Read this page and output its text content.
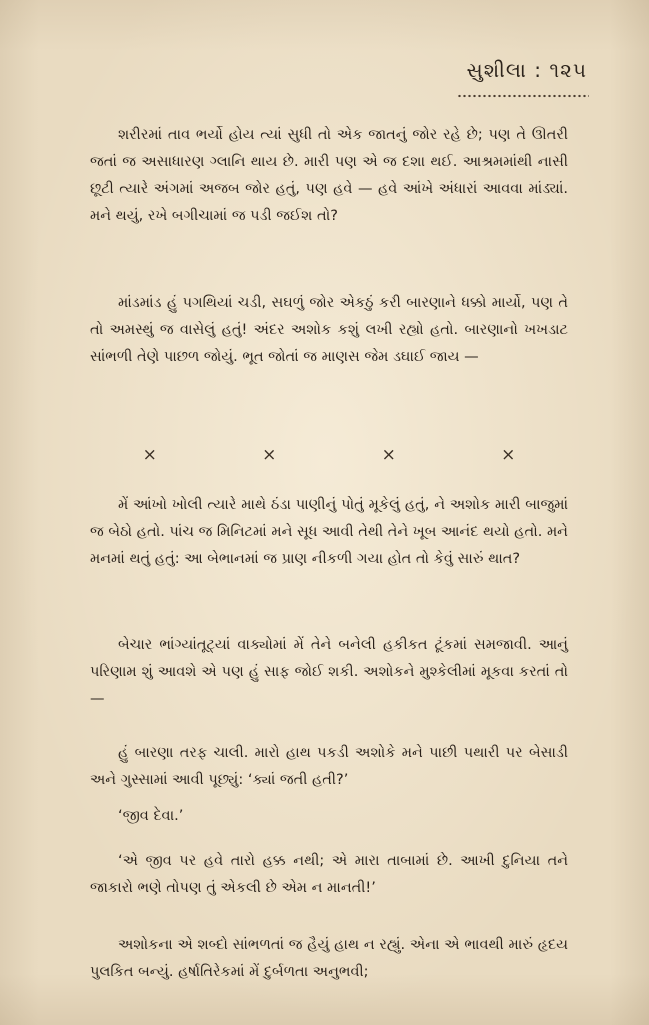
સુશીલા : ૧૨૫

શરીરમાં તાવ ભર્યો હોય ત્યાં સુધી તો એક જાતનું જોર રહે છે; પણ તે ઊતરી જતાં જ અસાધારણ ગ્લાનિ થાય છે. મારી પણ એ જ દશા થઈ. આશ્રમમાંથી નાસી છૂટી ત્યારે અંગમાં અજબ જોર હતું, પણ હવે — હવે આંખે અંધારાં આવવા માંડ્યાં. મને થયું, રખે બગીચામાં જ પડી જઈશ તો?

માંડમાંડ હું પગથિયાં ચડી, સઘળું જોર એકઠું કરી બારણાને ધક્કો માર્યો, પણ તે તો અમસ્થું જ વાસેલું હતું! અંદર અશોક કશું લખી રહ્યો હતો. બારણાનો ખખડાટ સાંભળી તેણે પાછળ જોયું. ભૂત જોતાં જ માણસ જેમ ડઘાઈ જાય —

×	×	×	×

મેં આંખો ખોલી ત્યારે માથે ઠંડા પાણીનું પોતું મૂકેલું હતું, ને અશોક મારી બાજુમાં જ બેઠો હતો. પાંચ જ મિનિટમાં મને સૂધ આવી તેથી તેને ખૂબ આનંદ થયો હતો. મને મનમાં થતું હતું: આ બેભાનમાં જ પ્રાણ નીકળી ગયા હોત તો કેવું સારું થાત?

બેચાર ભાંગ્યાંતૂટ્યાં વાક્યોમાં મેં તેને બનેલી હકીકત ટૂંકમાં સમજાવી. આનું પરિણામ શું આવશે એ પણ હું સાફ જોઈ શકી. અશોકને મુશ્કેલીમાં મૂકવા કરતાં તો —

હું બારણા તરફ ચાલી. મારો હાથ પકડી અશોકે મને પાછી પથારી પર બેસાડી અને ગુસ્સામાં આવી પૂછ્યું: ‘ક્યાં જતી હતી?’

‘જીવ દેવા.’

‘એ જીવ પર હવે તારો હક્ક નથી; એ મારા તાબામાં છે. આખી દુનિયા તને જાકારો ભણે તોપણ તું એકલી છે એમ ન માનતી!’

અશોકના એ શબ્દો સાંભળતાં જ હૈયું હાથ ન રહ્યું. એના એ ભાવથી મારું હૃદય પુલકિત બન્યું. હર્ષાતિરેકમાં મેં દુર્બળતા અનુભવી;
